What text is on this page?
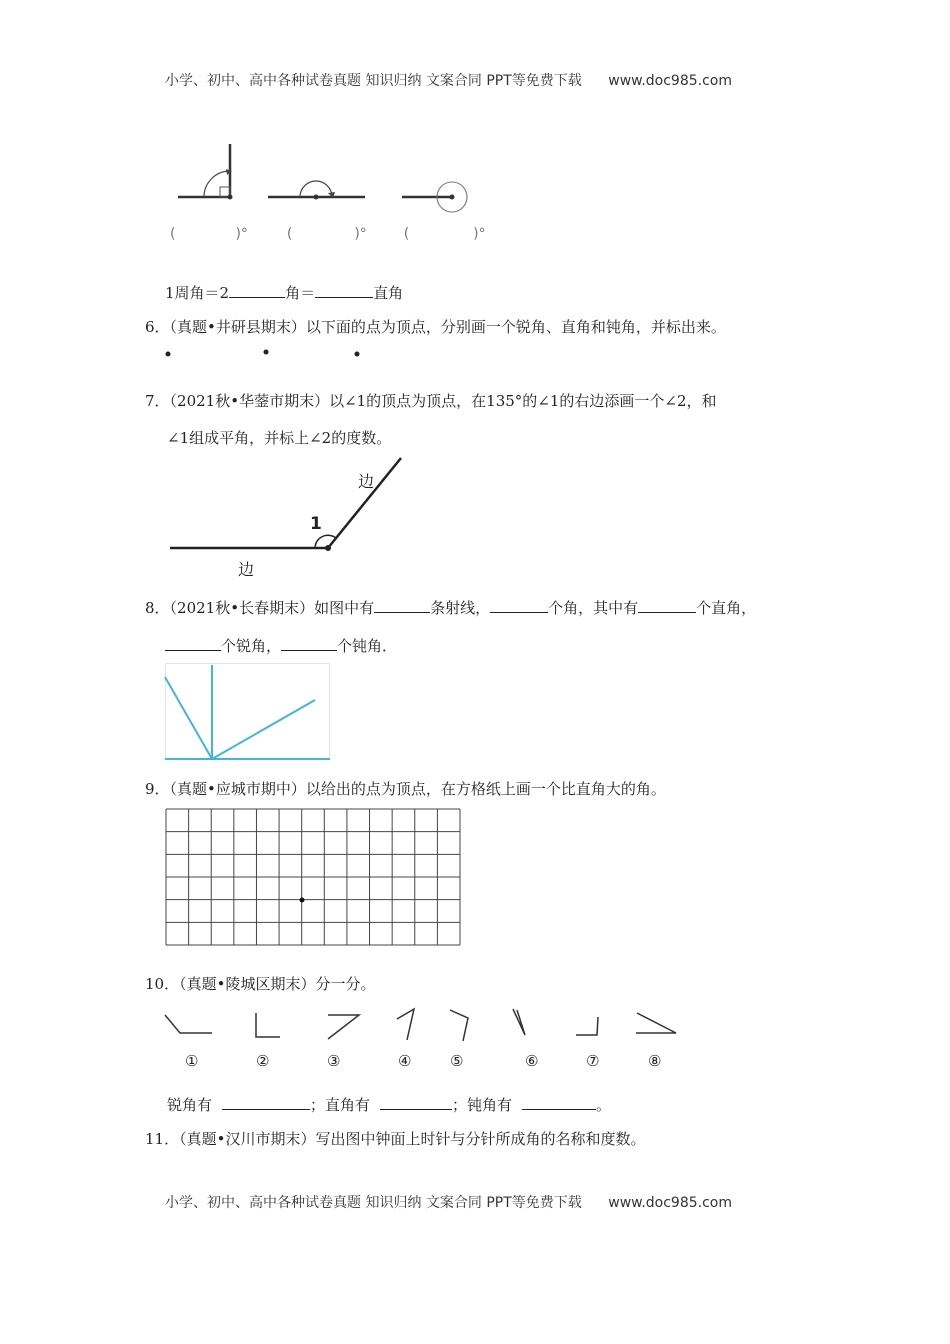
小学、初中、高中各种试卷真题 知识归纳 文案合同 PPT等免费下载 www.doc985.com
(	)°	(	)°	(	)°
1周角＝2	角＝	直角
6．（真题•井研县期末）以下面的点为顶点，分别画一个锐角、直角和钝角，并标出来。
7．（2021秋•华蓥市期末）以∠1的顶点为顶点，在135°的∠1的右边添画一个∠2，和
∠1组成平角，并标上∠2的度数。
1
边
边
8．（2021秋•长春期末）如图中有	条射线，	个角，其中有	个直角，
个锐角，	个钝角．
9．（真题•应城市期中）以给出的点为顶点，在方格纸上画一个比直角大的角。
10．（真题•陵城区期末）分一分。
①	②	③	④	⑤	⑥	⑦	⑧
锐角有	；直角有	；钝角有	。
11．（真题•汉川市期末）写出图中钟面上时针与分针所成角的名称和度数。
小学、初中、高中各种试卷真题 知识归纳 文案合同 PPT等免费下载 www.doc985.com
